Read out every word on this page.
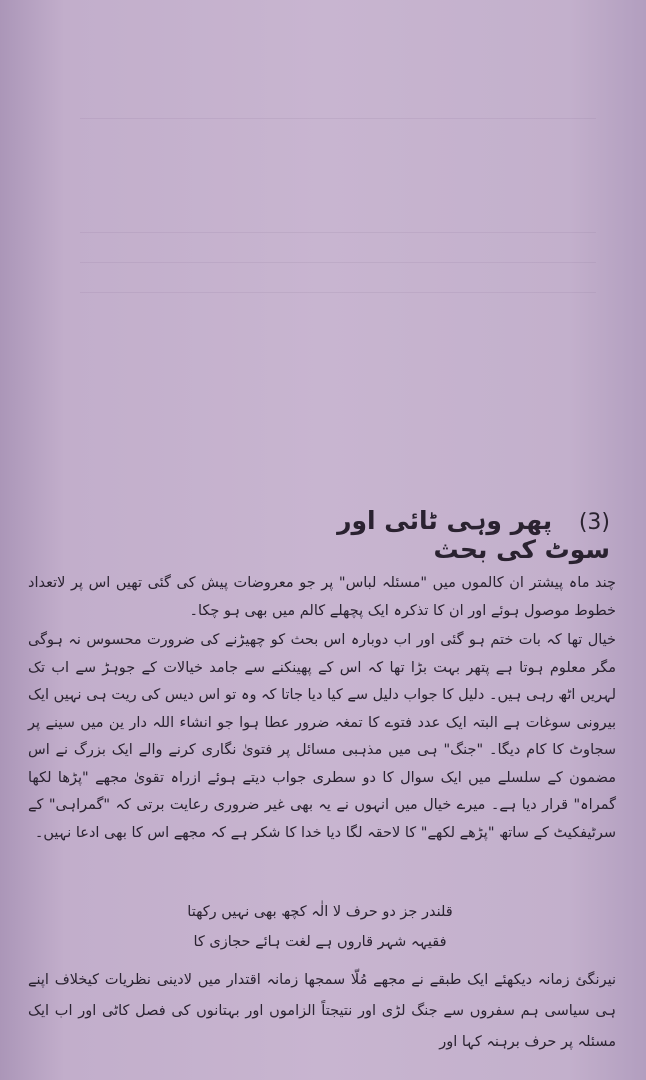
(3) پھر وہی ٹائی اور سوٹ کی بحث

چند ماہ پیشتر ان کالموں میں "مسئلہ لباس" پر جو معروضات پیش کی گئی تھیں اس پر لاتعداد خطوط موصول ہوئے اور ان کا تذکرہ ایک پچھلے کالم میں بھی ہو چکا۔

خیال تھا کہ بات ختم ہو گئی اور اب دوبارہ اس بحث کو چھیڑنے کی ضرورت محسوس نہ ہوگی مگر معلوم ہوتا ہے پتھر بہت بڑا تھا کہ اس کے پھینکنے سے جامد خیالات کے جوہڑ سے اب تک لہریں اٹھ رہی ہیں۔ دلیل کا جواب دلیل سے کیا دیا جاتا کہ وہ تو اس دیس کی ریت ہی نہیں ایک بیرونی سوغات ہے البتہ ایک عدد فتوے کا تمغہ ضرور عطا ہوا جو انشاء اللہ دار ین میں سینے پر سجاوٹ کا کام دیگا۔ "جنگ" ہی میں مذہبی مسائل پر فتویٰ نگاری کرنے والے ایک بزرگ نے اس مضمون کے سلسلے میں ایک سوال کا دو سطری جواب دیتے ہوئے ازراہ تقویٰ مجھے "پڑھا لکھا گمراہ" قرار دیا ہے۔ میرے خیال میں انہوں نے یہ بھی غیر ضروری رعایت برتی کہ "گمراہی" کے سرٹیفکیٹ کے ساتھ "پڑھے لکھے" کا لاحقہ لگا دیا خدا کا شکر ہے کہ مجھے اس کا بھی ادعا نہیں۔

قلندر جز دو حرف لا الٰہ کچھ بھی نہیں رکھتا
فقیہہ شہر قاروں ہے لغت ہائے حجازی کا
نیرنگئ زمانہ دیکھئے ایک طبقے نے مجھے مُلّا سمجھا زمانہ اقتدار میں لادینی نظریات کیخلاف اپنے ہی سیاسی ہم سفروں سے جنگ لڑی اور نتیجتاً الزاموں اور بہتانوں کی فصل کاٹی اور اب ایک مسئلہ پر حرف برہنہ کہا اور
